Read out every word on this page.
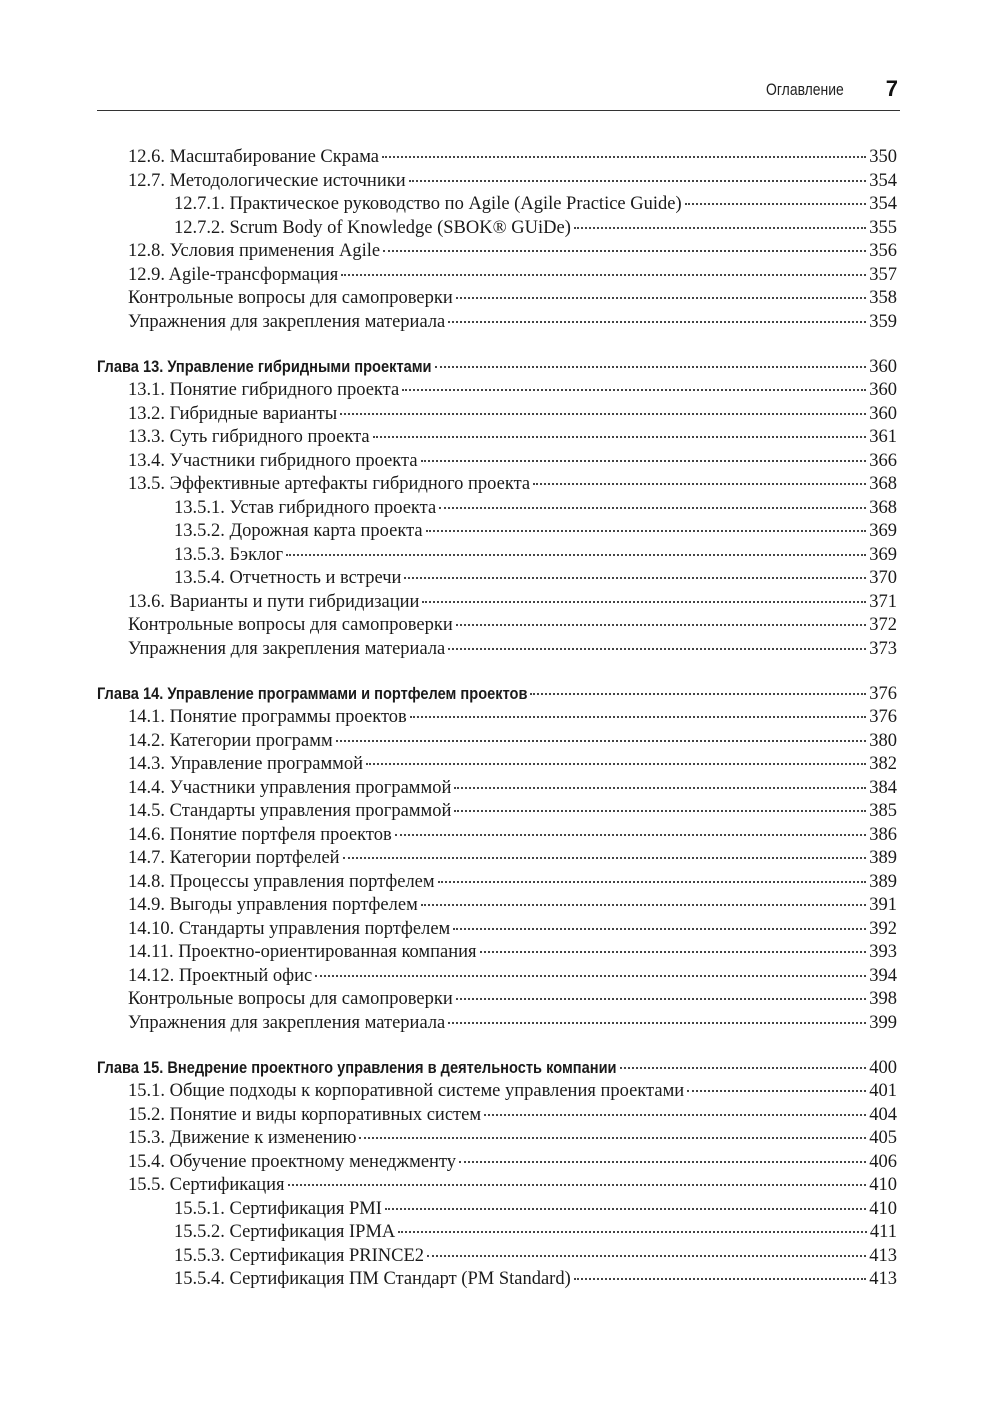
Оглавление 7
12.6. Масштабирование Скрама	350
12.7. Методологические источники	354
12.7.1. Практическое руководство по Agile (Agile Practice Guide)	354
12.7.2. Scrum Body of Knowledge (SBOK® GUiDe)	355
12.8. Условия применения Agile	356
12.9. Agile-трансформация	357
Контрольные вопросы для самопроверки	358
Упражнения для закрепления материала	359
Глава 13. Управление гибридными проектами	360
13.1. Понятие гибридного проекта	360
13.2. Гибридные варианты	360
13.3. Суть гибридного проекта	361
13.4. Участники гибридного проекта	366
13.5. Эффективные артефакты гибридного проекта	368
13.5.1. Устав гибридного проекта	368
13.5.2. Дорожная карта проекта	369
13.5.3. Бэклог	369
13.5.4. Отчетность и встречи	370
13.6. Варианты и пути гибридизации	371
Контрольные вопросы для самопроверки	372
Упражнения для закрепления материала	373
Глава 14. Управление программами и портфелем проектов	376
14.1. Понятие программы проектов	376
14.2. Категории программ	380
14.3. Управление программой	382
14.4. Участники управления программой	384
14.5. Стандарты управления программой	385
14.6. Понятие портфеля проектов	386
14.7. Категории портфелей	389
14.8. Процессы управления портфелем	389
14.9. Выгоды управления портфелем	391
14.10. Стандарты управления портфелем	392
14.11. Проектно-ориентированная компания	393
14.12. Проектный офис	394
Контрольные вопросы для самопроверки	398
Упражнения для закрепления материала	399
Глава 15. Внедрение проектного управления в деятельность компании	400
15.1. Общие подходы к корпоративной системе управления проектами	401
15.2. Понятие и виды корпоративных систем	404
15.3. Движение к изменению	405
15.4. Обучение проектному менеджменту	406
15.5. Сертификация	410
15.5.1. Сертификация PMI	410
15.5.2. Сертификация IPMA	411
15.5.3. Сертификация PRINCE2	413
15.5.4. Сертификация ПМ Стандарт (PM Standard)	413
